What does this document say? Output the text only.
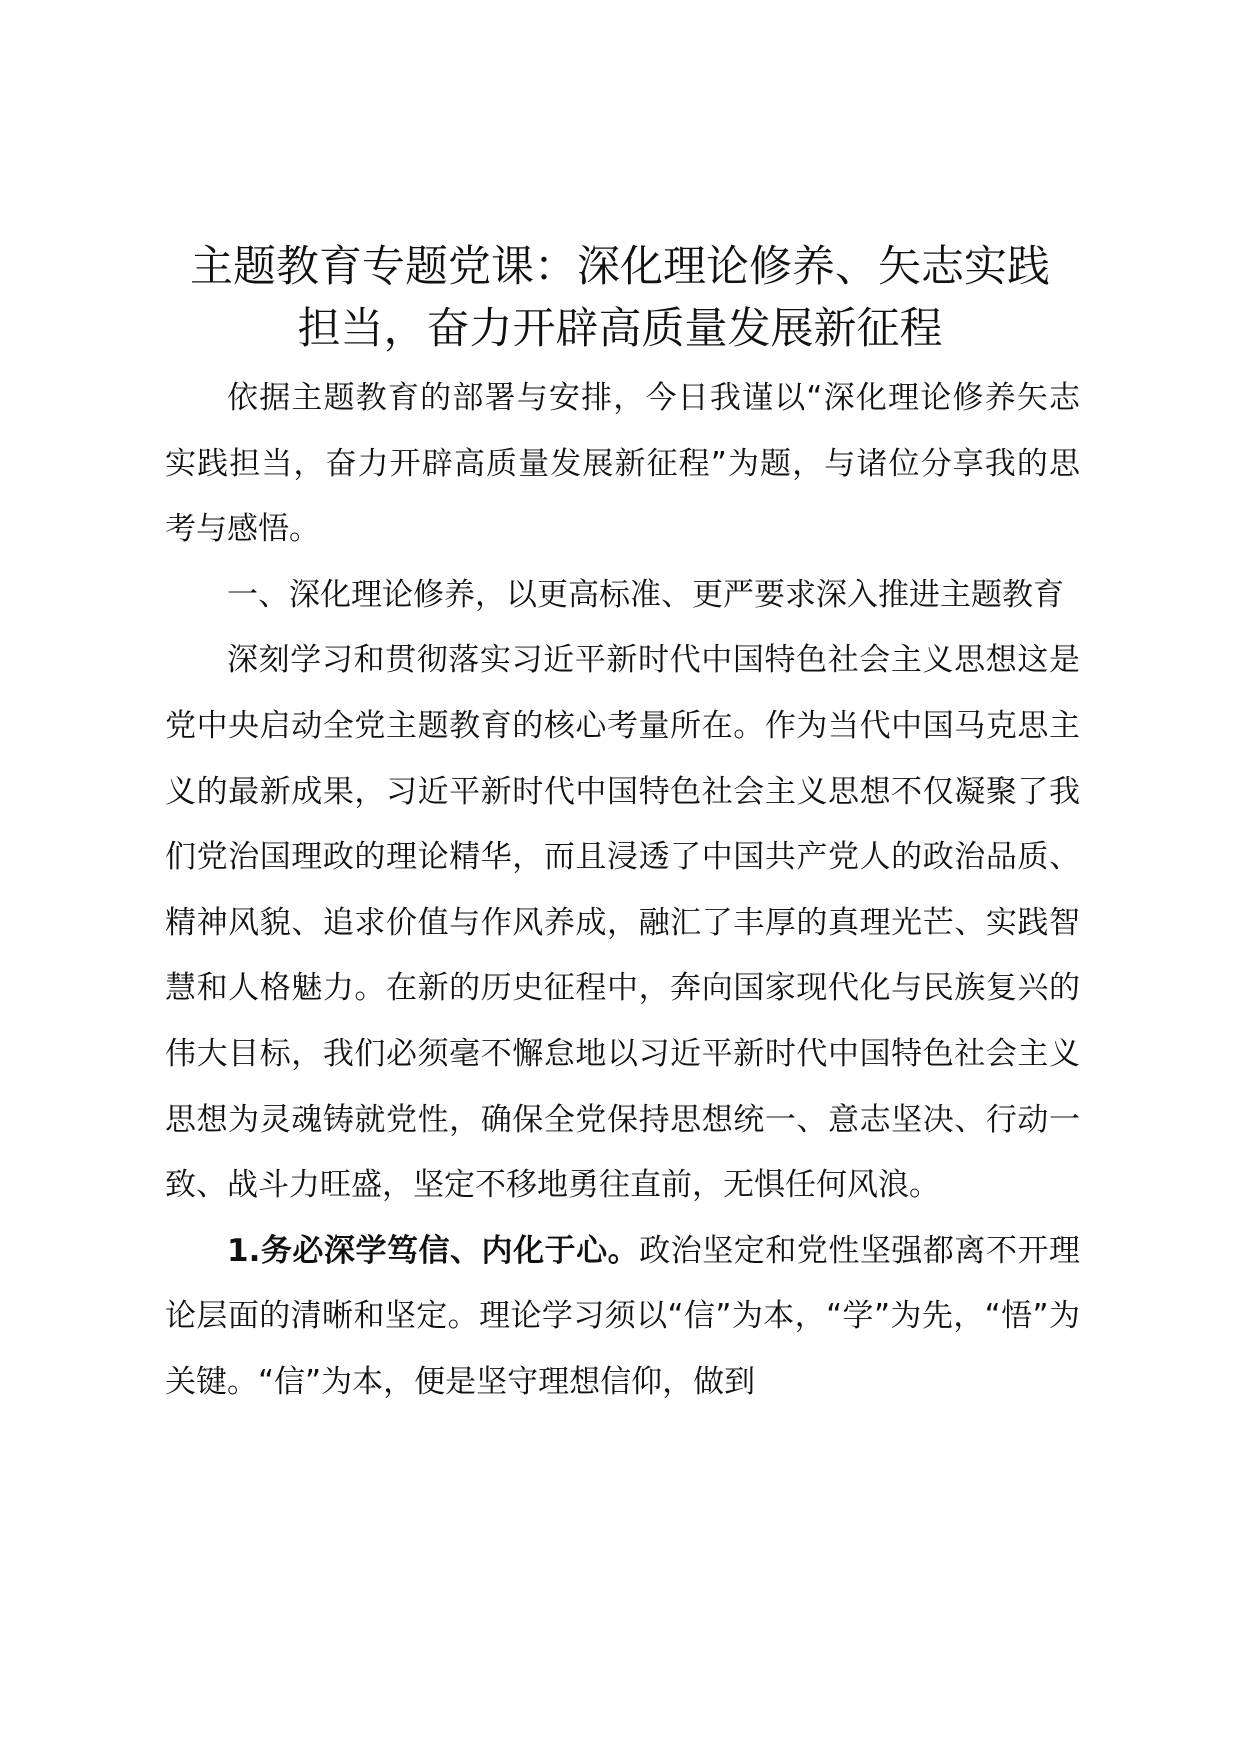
主题教育专题党课：深化理论修养、矢志实践
担当，奋力开辟高质量发展新征程

依据主题教育的部署与安排，今日我谨以“深化理论修养矢志实践担当，奋力开辟高质量发展新征程”为题，与诸位分享我的思考与感悟。

一、深化理论修养，以更高标准、更严要求深入推进主题教育

深刻学习和贯彻落实习近平新时代中国特色社会主义思想这是党中央启动全党主题教育的核心考量所在。作为当代中国马克思主义的最新成果，习近平新时代中国特色社会主义思想不仅凝聚了我们党治国理政的理论精华，而且浸透了中国共产党人的政治品质、精神风貌、追求价值与作风养成，融汇了丰厚的真理光芒、实践智慧和人格魅力。在新的历史征程中，奔向国家现代化与民族复兴的伟大目标，我们必须毫不懈怠地以习近平新时代中国特色社会主义思想为灵魂铸就党性，确保全党保持思想统一、意志坚决、行动一致、战斗力旺盛，坚定不移地勇往直前，无惧任何风浪。

1.务必深学笃信、内化于心。政治坚定和党性坚强都离不开理论层面的清晰和坚定。理论学习须以“信”为本，“学”为先，“悟”为关键。“信”为本，便是坚守理想信仰，做到
